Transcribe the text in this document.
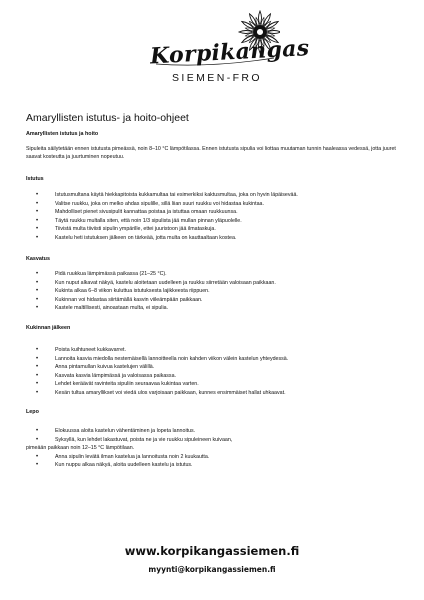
Korpikangas
SIEMEN-FRO
Amaryllisten istutus- ja hoito-ohjeet
Amaryllisten istutus ja hoito

Sipuleita säilytetään ennen istutusta pimeässä, noin 8–10 °C lämpötilassa. Ennen istutusta sipulia voi liottaa muutaman tunnin haaleassa vedessä, jotta juuret saavat kosteutta ja juurtuminen nopeutuu.

Istutus
•	Istutusmultana käytä hiekkapitoista kukkamultaa tai esimerkiksi kaktusmultaa, joka on hyvin läpäisevää.
•	Valitse ruukku, joka on melko ahdas sipulille, sillä liian suuri ruukku voi hidastaa kukintaa.
•	Mahdolliset pienet sivusipulit kannattaa poistaa ja istuttaa omaan ruukkuunsa.
•	Täytä ruukku multalla siten, että noin 1/3 sipulista jää mullan pinnan yläpuolelle.
•	Tiivistä multa tiiviisti sipulin ympärille, ettei juuristoon jää ilmataskuja.
•	Kastelu heti istutuksen jälkeen on tärkeää, jotta multa on kauttaaltaan kostea.
Kasvatus
•	Pidä ruukkua lämpimässä paikassa (21–25 °C).
•	Kun nuput alkavat näkyä, kastelu aloitetaan uudelleen ja ruukku siirretään valoisaan paikkaan.
•	Kukinta alkaa 6–8 viikon kuluttua istutuksesta lajikkeesta riippuen.
•	Kukinnan voi hidastaa siirtämällä kasvin viileämpään paikkaan.
•	Kastele maltillisesti, ainoastaan multa, ei sipulia.
Kukinnan jälkeen
•	Poista kuihtuneet kukkavarret.
•	Lannoita kasvia miedolla nestemäisellä lannoitteella noin kahden viikon välein kastelun yhteydessä.
•	Anna pintamullan kuivua kastelujen välillä.
•	Kasvata kasvia lämpimässä ja valoisassa paikassa.
•	Lehdet keräävät ravinteita sipuliin seuraavaa kukintaa varten.
•	Kesän tultua amaryllikset voi viedä ulos varjoisaan paikkaan, kunnes ensimmäiset hallat uhkaavat.
Lepo
•	Elokuussa aloita kastelun vähentäminen ja lopeta lannoitus.
•	Syksyllä, kun lehdet lakastuvat, poista ne ja vie ruukku sipuleineen kuivaan,
pimeään paikkaan noin 12–15 °C lämpötilaan.
•	Anna sipulin levätä ilman kastelua ja lannoitusta noin 2 kuukautta.
•	Kun nuppu alkaa näkyä, aloita uudelleen kastelu ja istutus.
www.korpikangassiemen.fi
myynti@korpikangassiemen.fi
